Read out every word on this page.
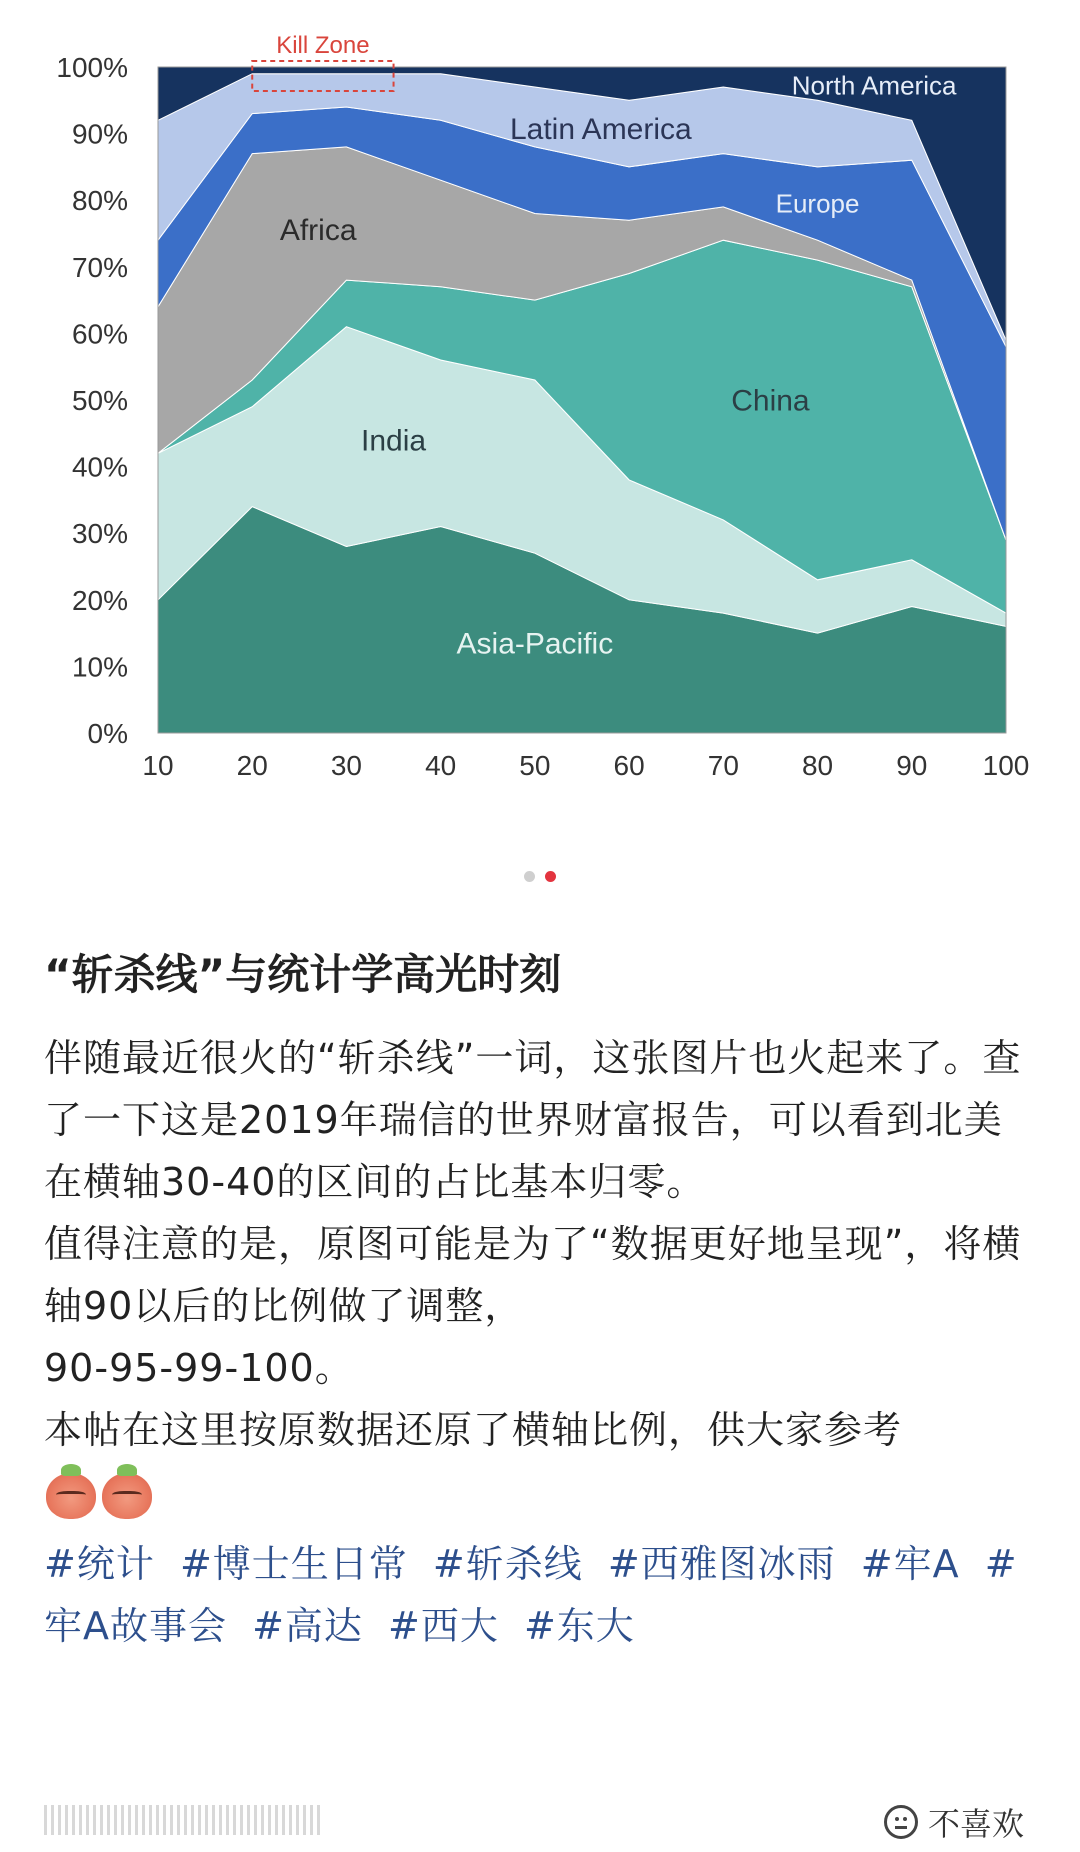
Asia-Pacific
India
China
Africa
Europe
Latin America
North America
0%
10%
20%
30%
40%
50%
60%
70%
80%
90%
100%
10 20 30 40 50 60 70 80 90 100
Kill Zone
“斩杀线”与统计学高光时刻

伴随最近很火的“斩杀线”一词，这张图片也火起来了。查了一下这是2019年瑞信的世界财富报告，可以看到北美在横轴30-40的区间的占比基本归零。

值得注意的是，原图可能是为了“数据更好地呈现”，将横轴90以后的比例做了调整，

90-95-99-100。

本帖在这里按原数据还原了横轴比例，供大家参考

#统计 #博士生日常 #斩杀线 #西雅图冰雨 #牢A #牢A故事会 #高达 #西大 #东大

不喜欢
